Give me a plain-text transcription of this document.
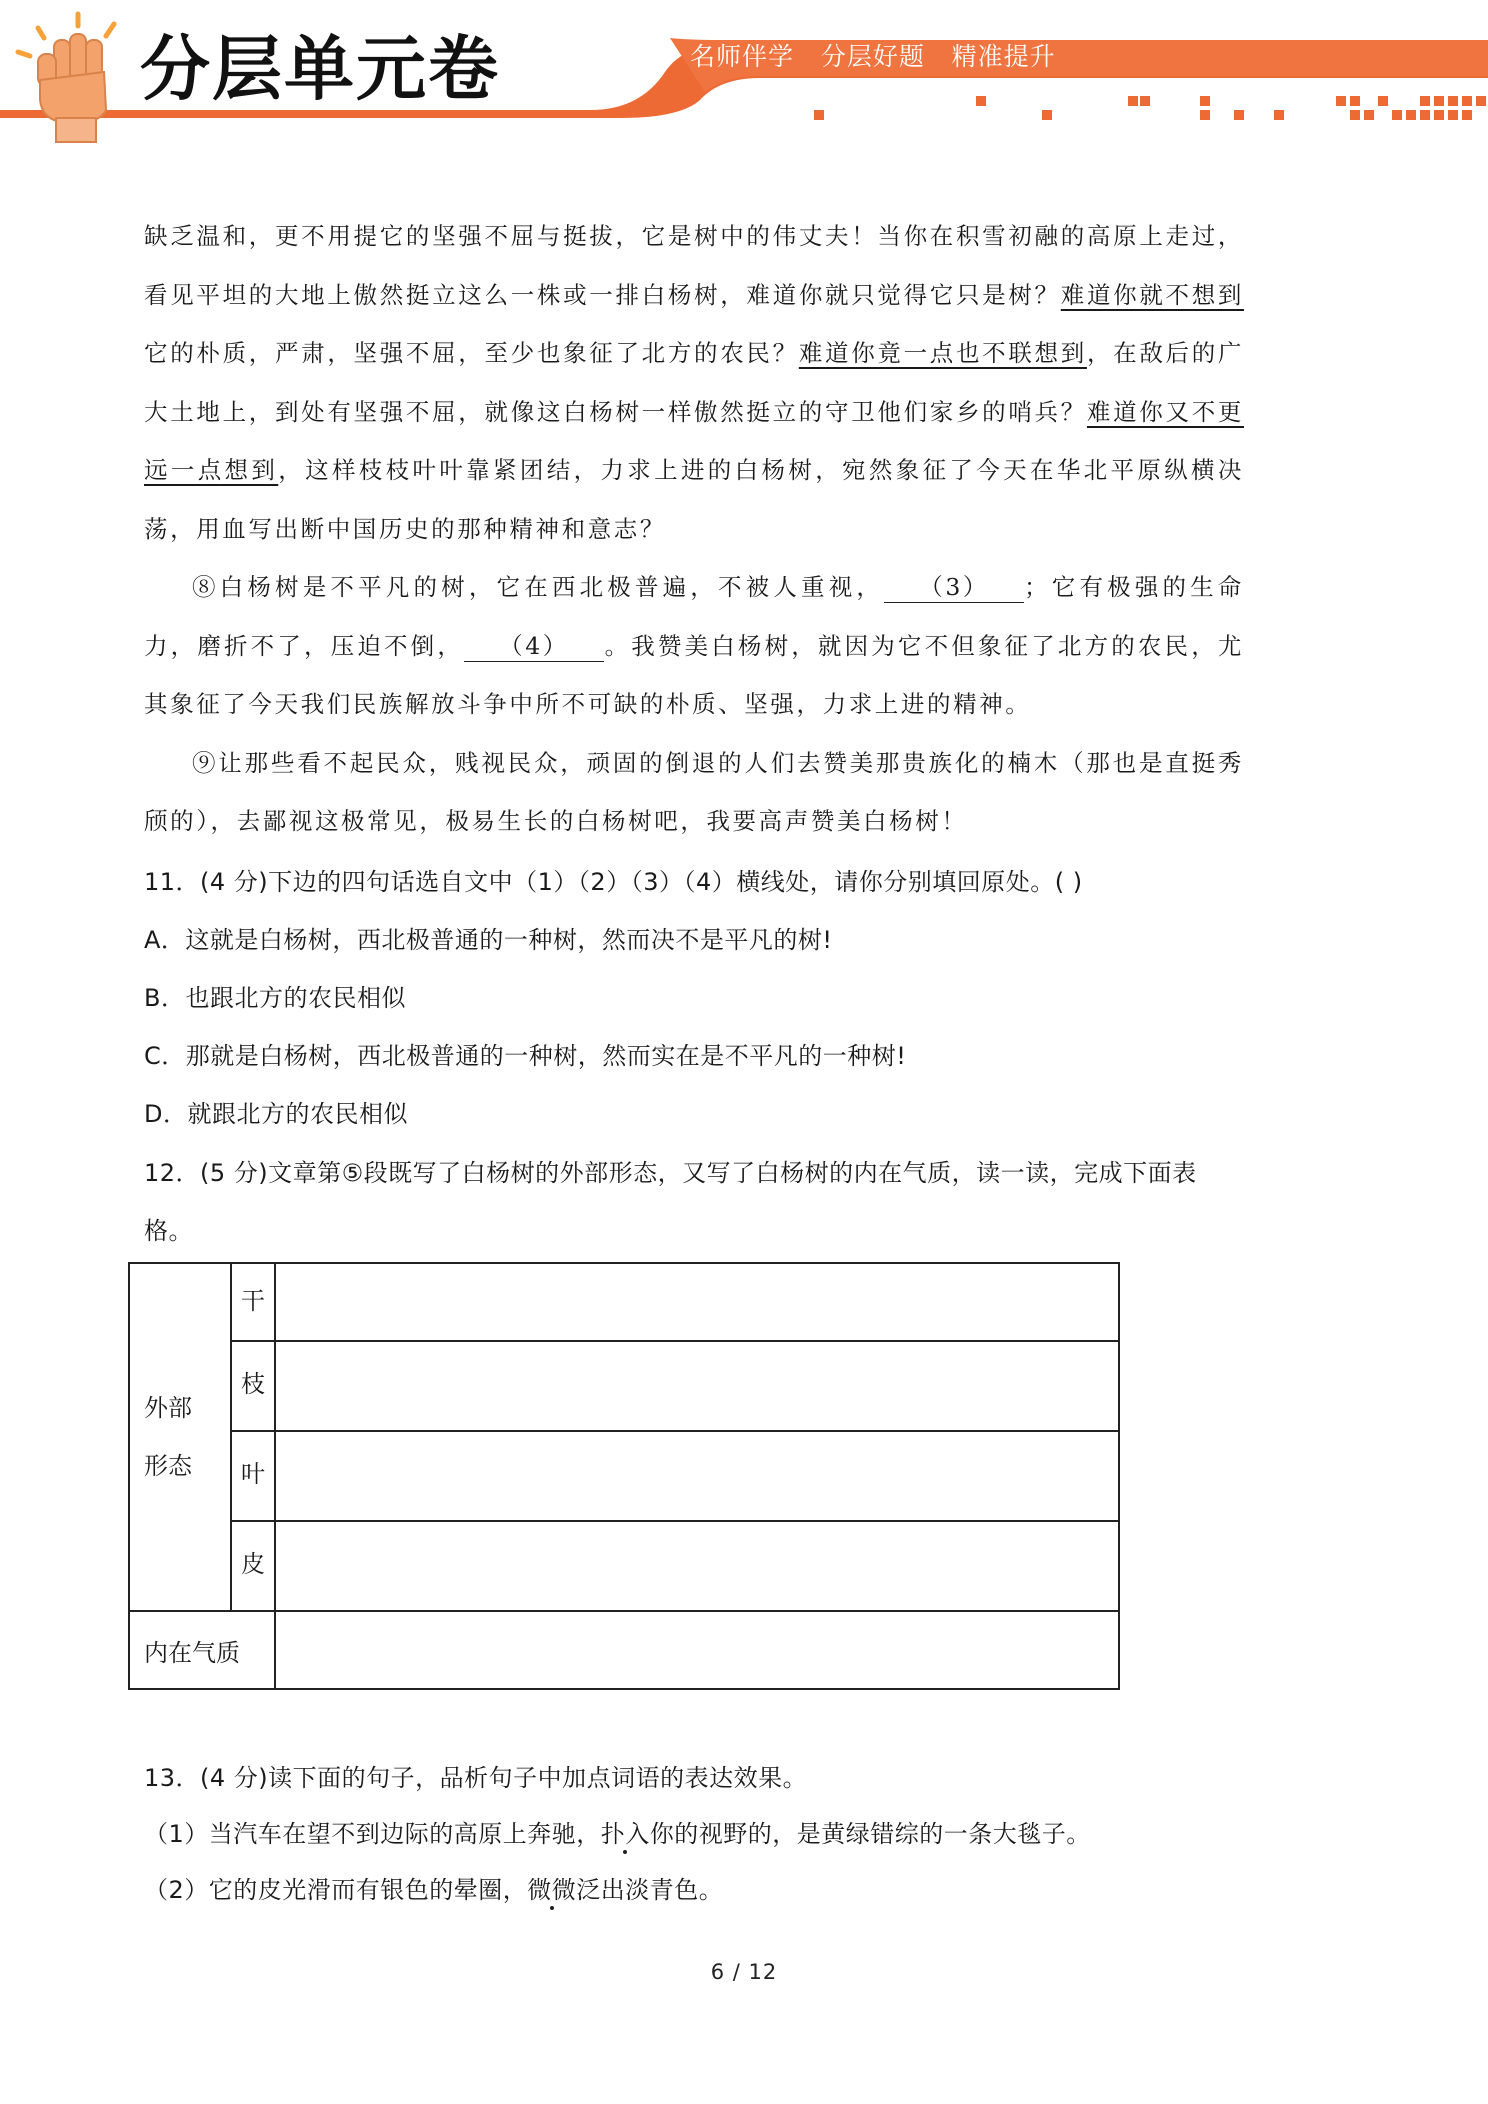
分层单元卷	名师伴学   分层好题   精准提升

缺乏温和，更不用提它的坚强不屈与挺拔，它是树中的伟丈夫！当你在积雪初融的高原上走过，看见平坦的大地上傲然挺立这么一株或一排白杨树，难道你就只觉得它只是树？难道你就不想到它的朴质，严肃，坚强不屈，至少也象征了北方的农民？难道你竟一点也不联想到，在敌后的广大土地上，到处有坚强不屈，就像这白杨树一样傲然挺立的守卫他们家乡的哨兵？难道你又不更远一点想到，这样枝枝叶叶靠紧团结，力求上进的白杨树，宛然象征了今天在华北平原纵横决荡，用血写出断中国历史的那种精神和意志？

⑧白杨树是不平凡的树，它在西北极普遍，不被人重视， （3） ；它有极强的生命力，磨折不了，压迫不倒， （4） 。我赞美白杨树，就因为它不但象征了北方的农民，尤其象征了今天我们民族解放斗争中所不可缺的朴质、坚强，力求上进的精神。

⑨让那些看不起民众，贱视民众，顽固的倒退的人们去赞美那贵族化的楠木（那也是直挺秀颀的），去鄙视这极常见，极易生长的白杨树吧，我要高声赞美白杨树！

11．(4 分)下边的四句话选自文中（1）（2）（3）（4）横线处，请你分别填回原处。( )
A．这就是白杨树，西北极普通的一种树，然而决不是平凡的树!
B．也跟北方的农民相似
C．那就是白杨树，西北极普通的一种树，然而实在是不平凡的一种树!
D．就跟北方的农民相似
12．(5 分)文章第⑤段既写了白杨树的外部形态，又写了白杨树的内在气质，读一读，完成下面表格。
外部
形态	干	
	枝	
	叶	
	皮	
内在气质		
13．(4 分)读下面的句子，品析句子中加点词语的表达效果。
（1）当汽车在望不到边际的高原上奔驰，扑入你的视野的，是黄绿错综的一条大毯子。
（2）它的皮光滑而有银色的晕圈，微微泛出淡青色。
6 / 12
